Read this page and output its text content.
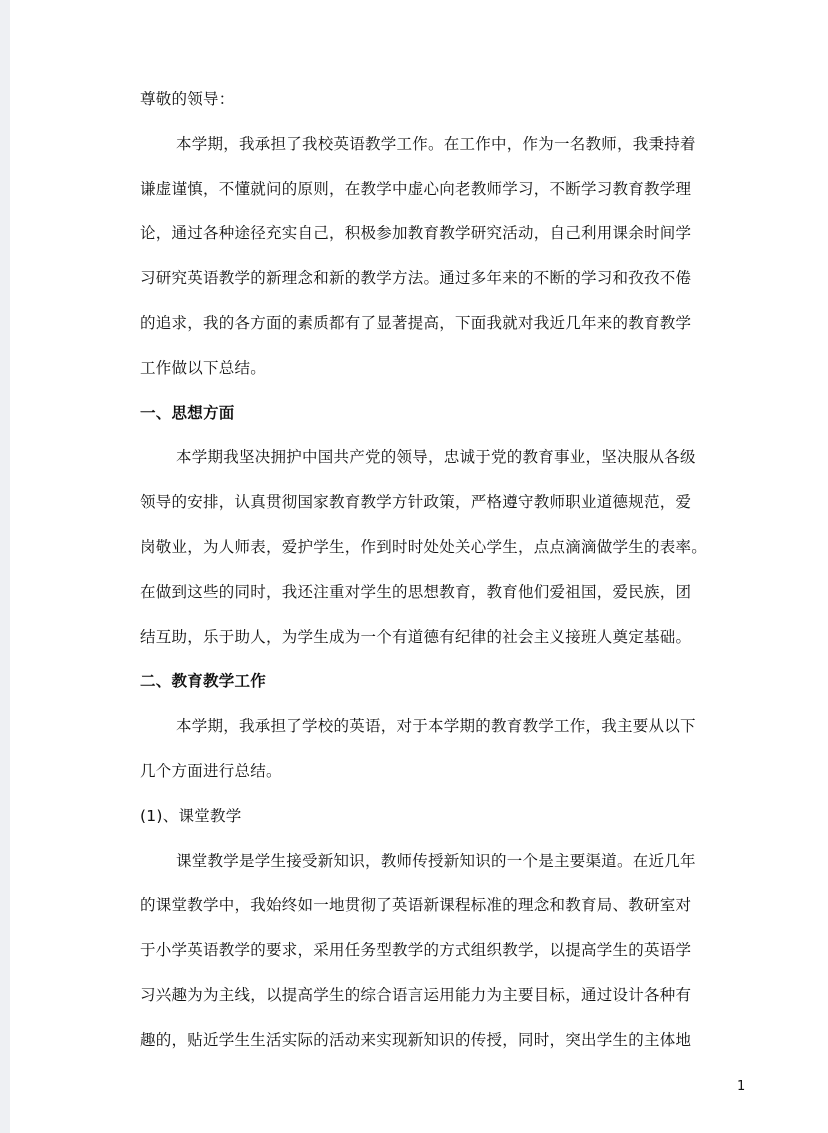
尊敬的领导：
本学期，我承担了我校英语教学工作。在工作中，作为一名教师，我秉持着
谦虚谨慎，不懂就问的原则，在教学中虚心向老教师学习，不断学习教育教学理
论，通过各种途径充实自己，积极参加教育教学研究活动，自己利用课余时间学
习研究英语教学的新理念和新的教学方法。通过多年来的不断的学习和孜孜不倦
的追求，我的各方面的素质都有了显著提高，下面我就对我近几年来的教育教学
工作做以下总结。
一、思想方面
本学期我坚决拥护中国共产党的领导，忠诚于党的教育事业，坚决服从各级
领导的安排，认真贯彻国家教育教学方针政策，严格遵守教师职业道德规范，爱
岗敬业，为人师表，爱护学生，作到时时处处关心学生，点点滴滴做学生的表率。
在做到这些的同时，我还注重对学生的思想教育，教育他们爱祖国，爱民族，团
结互助，乐于助人，为学生成为一个有道德有纪律的社会主义接班人奠定基础。
二、教育教学工作
本学期，我承担了学校的英语，对于本学期的教育教学工作，我主要从以下
几个方面进行总结。
(1)、课堂教学
课堂教学是学生接受新知识，教师传授新知识的一个是主要渠道。在近几年
的课堂教学中，我始终如一地贯彻了英语新课程标准的理念和教育局、教研室对
于小学英语教学的要求，采用任务型教学的方式组织教学，以提高学生的英语学
习兴趣为为主线，以提高学生的综合语言运用能力为主要目标，通过设计各种有
趣的，贴近学生生活实际的活动来实现新知识的传授，同时，突出学生的主体地
1
